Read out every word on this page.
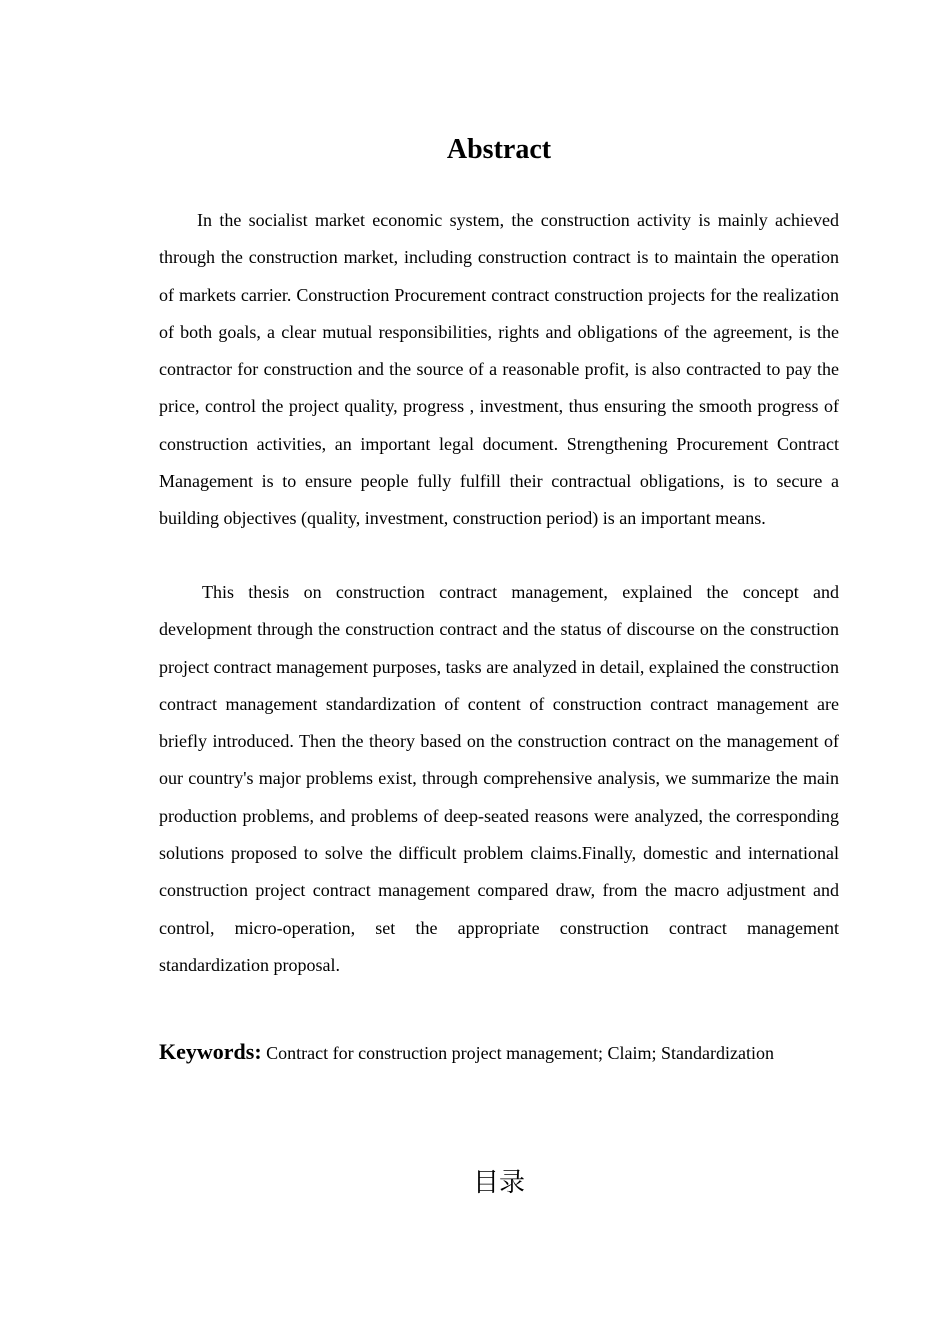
Abstract

In the socialist market economic system, the construction activity is mainly achieved through the construction market, including construction contract is to maintain the operation of markets carrier. Construction Procurement contract construction projects for the realization of both goals, a clear mutual responsibilities, rights and obligations of the agreement, is the contractor for construction and the source of a reasonable profit, is also contracted to pay the price, control the project quality, progress , investment, thus ensuring the smooth progress of construction activities, an important legal document. Strengthening Procurement Contract Management is to ensure people fully fulfill their contractual obligations, is to secure a building objectives (quality, investment, construction period) is an important means.

This thesis on construction contract management, explained the concept and development through the construction contract and the status of discourse on the construction project contract management purposes, tasks are analyzed in detail, explained the construction contract management standardization of content of construction contract management are briefly introduced. Then the theory based on the construction contract on the management of our country's major problems exist, through comprehensive analysis, we summarize the main production problems, and problems of deep-seated reasons were analyzed, the corresponding solutions proposed to solve the difficult problem claims.Finally, domestic and international construction project contract management compared draw, from the macro adjustment and control, micro-operation, set the appropriate construction contract management standardization proposal.

Keywords: Contract for construction project management; Claim; Standardization
目录
